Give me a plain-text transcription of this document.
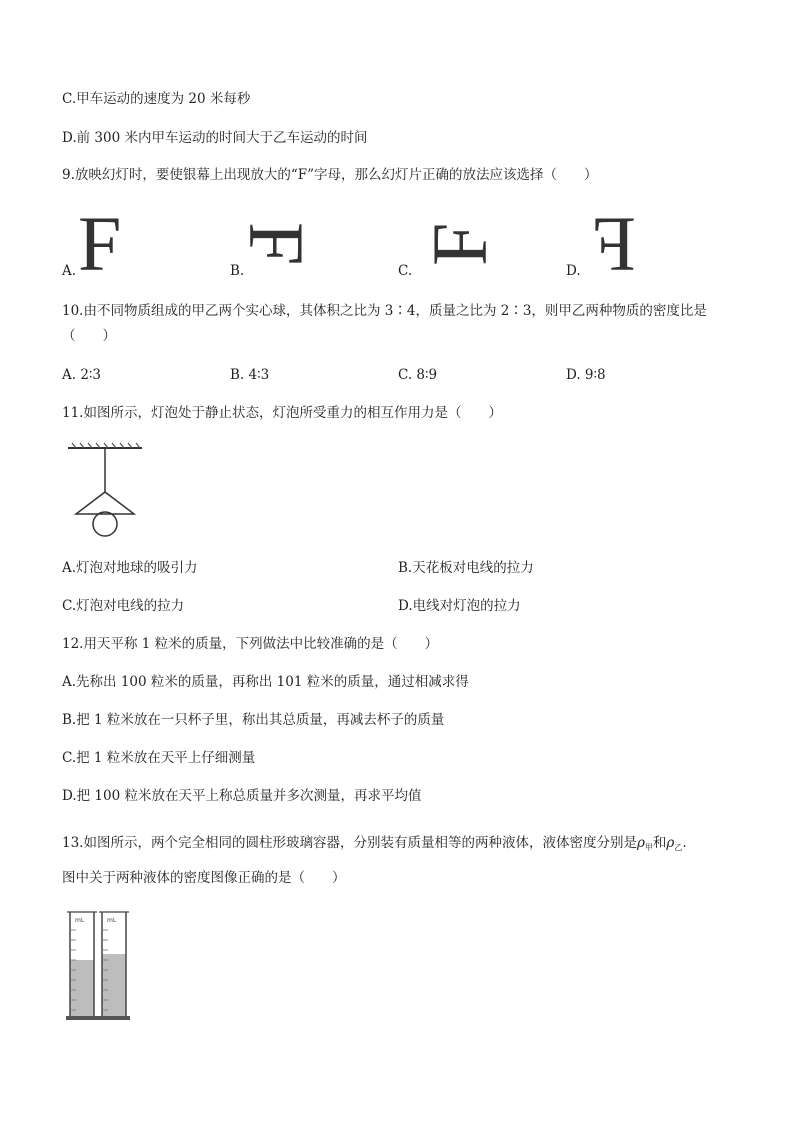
C.甲车运动的速度为 20 米每秒
D.前 300 米内甲车运动的时间大于乙车运动的时间
9.放映幻灯时，要使银幕上出现放大的“F”字母，那么幻灯片正确的放法应该选择（　　）
A. F	B.
F
C.
F
D. F
10.由不同物质组成的甲乙两个实心球，其体积之比为 3∶4，质量之比为 2∶3，则甲乙两种物质的密度比是
（　　）
A. 2∶3	B. 4∶3	C. 8∶9	D. 9∶8
11.如图所示，灯泡处于静止状态，灯泡所受重力的相互作用力是（　　）
A.灯泡对地球的吸引力	B.天花板对电线的拉力
C.灯泡对电线的拉力	D.电线对灯泡的拉力
12.用天平称 1 粒米的质量，下列做法中比较准确的是（　　）
A.先称出 100 粒米的质量，再称出 101 粒米的质量，通过相减求得
B.把 1 粒米放在一只杯子里，称出其总质量，再减去杯子的质量
C.把 1 粒米放在天平上仔细测量
D.把 100 粒米放在天平上称总质量并多次测量，再求平均值
13.如图所示，两个完全相同的圆柱形玻璃容器，分别装有质量相等的两种液体，液体密度分别是$\rho_甲$和$\rho_乙$.
图中关于两种液体的密度图像正确的是（　　）
mL	mL
